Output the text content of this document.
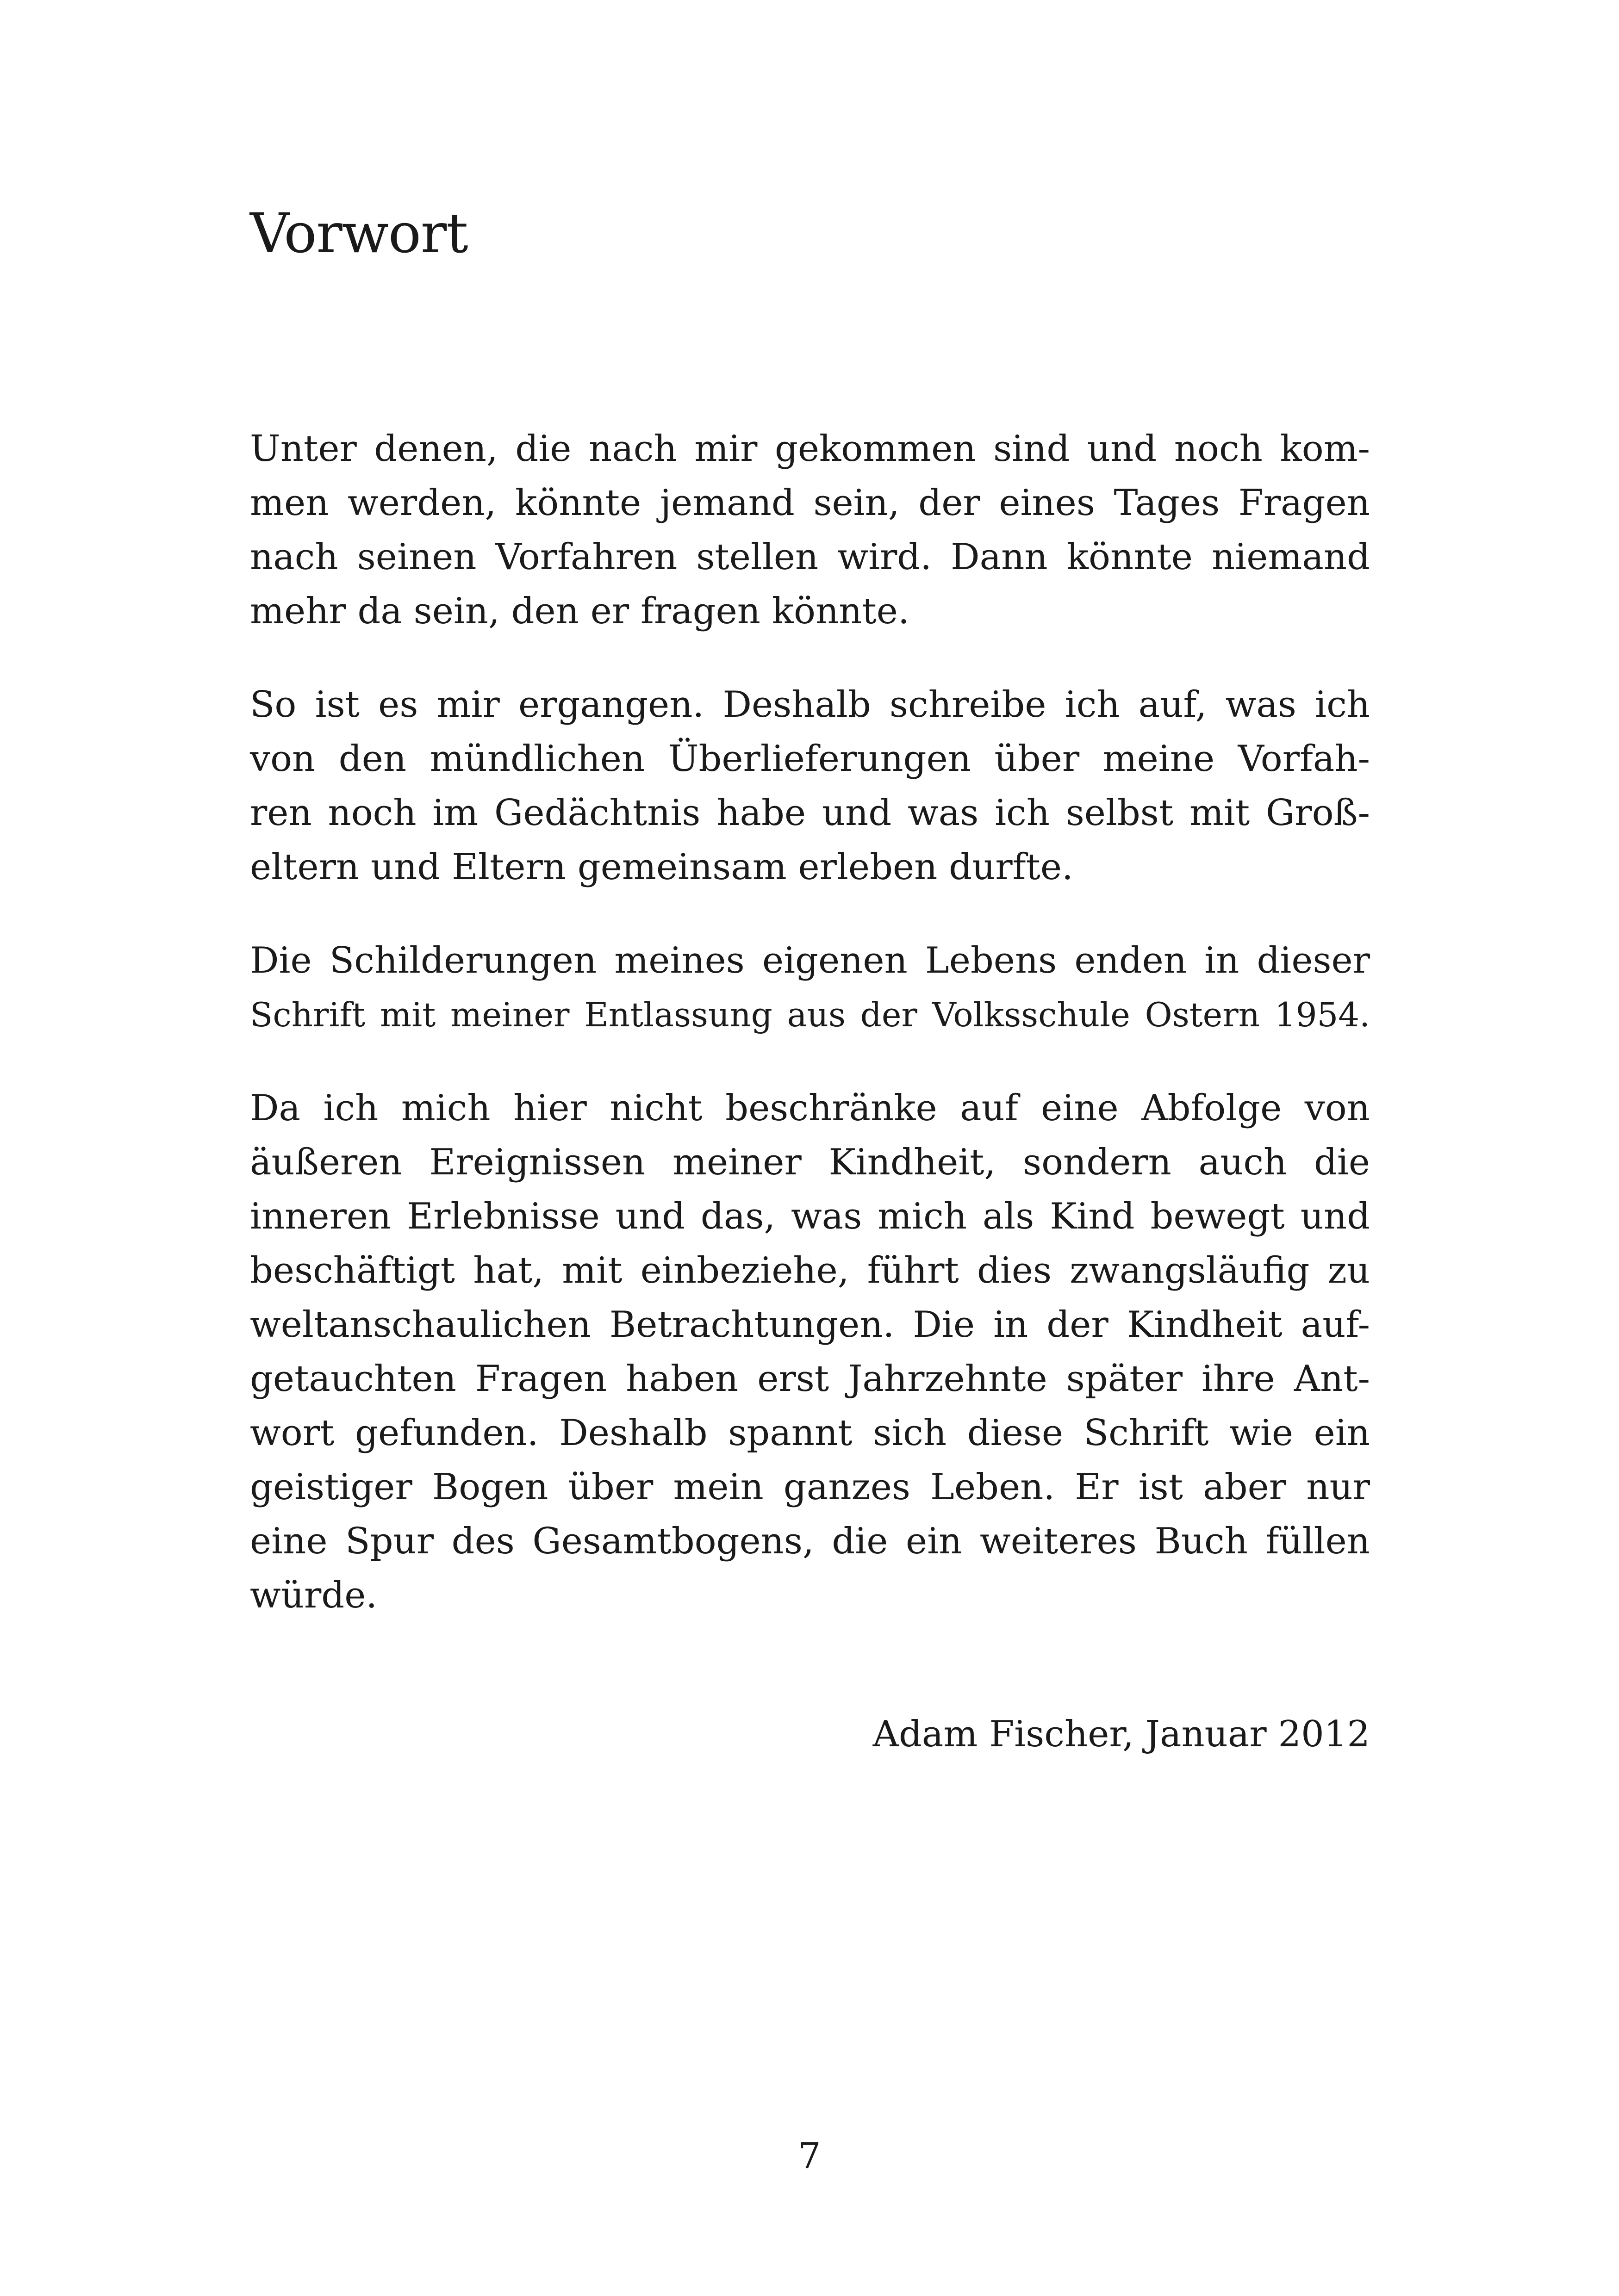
Vorwort

Unter denen, die nach mir gekommen sind und noch kom-
men werden, könnte jemand sein, der eines Tages Fragen
nach seinen Vorfahren stellen wird. Dann könnte niemand
mehr da sein, den er fragen könnte.

So ist es mir ergangen. Deshalb schreibe ich auf, was ich
von den mündlichen Überlieferungen über meine Vorfah-
ren noch im Gedächtnis habe und was ich selbst mit Groß-
eltern und Eltern gemeinsam erleben durfte.

Die Schilderungen meines eigenen Lebens enden in dieser
Schrift mit meiner Entlassung aus der Volksschule Ostern 1954.

Da ich mich hier nicht beschränke auf eine Abfolge von
äußeren Ereignissen meiner Kindheit, sondern auch die
inneren Erlebnisse und das, was mich als Kind bewegt und
beschäftigt hat, mit einbeziehe, führt dies zwangsläufig zu
weltanschaulichen Betrachtungen. Die in der Kindheit auf-
getauchten Fragen haben erst Jahrzehnte später ihre Ant-
wort gefunden. Deshalb spannt sich diese Schrift wie ein
geistiger Bogen über mein ganzes Leben. Er ist aber nur
eine Spur des Gesamtbogens, die ein weiteres Buch füllen
würde.

Adam Fischer, Januar 2012
7
